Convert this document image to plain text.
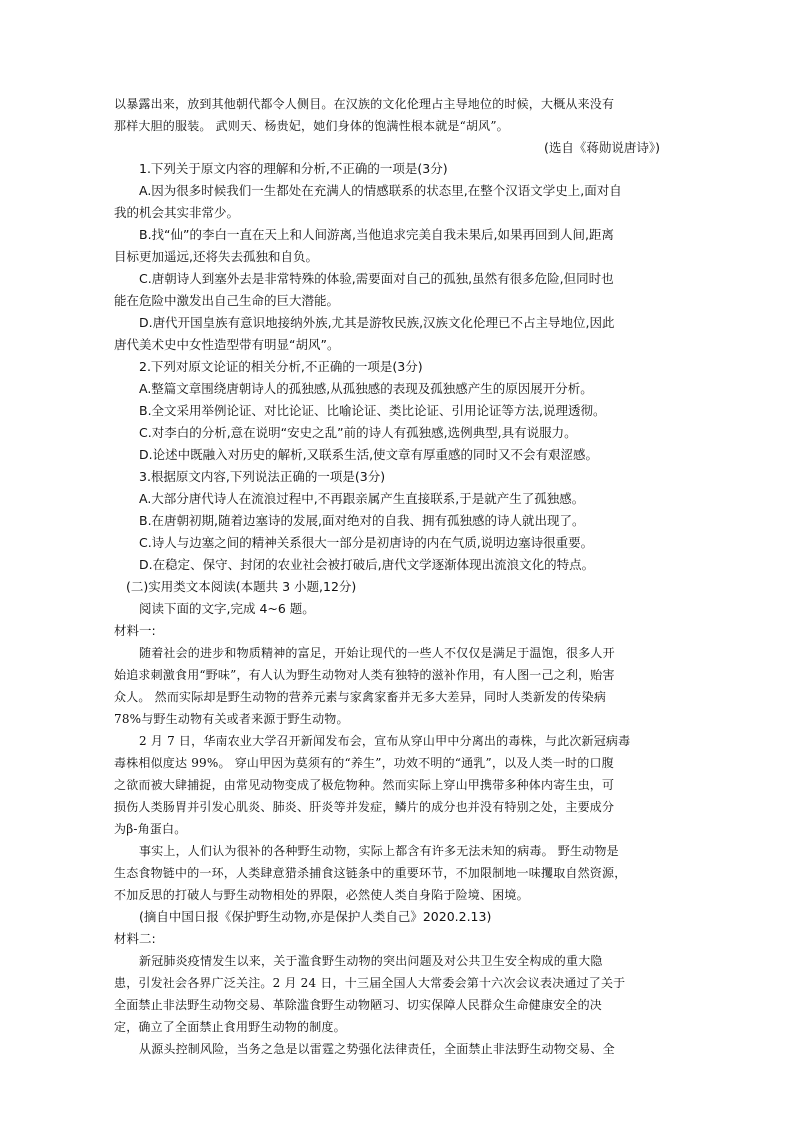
以暴露出来，放到其他朝代都令人侧目。在汉族的文化伦理占主导地位的时候，大概从来没有
那样大胆的服装。 武则天、杨贵妃，她们身体的饱满性根本就是“胡风”。
(选自《蒋勋说唐诗》)
1.下列关于原文内容的理解和分析,不正确的一项是(3分)
A.因为很多时候我们一生都处在充满人的情感联系的状态里,在整个汉语文学史上,面对自
我的机会其实非常少。
B.找“仙”的李白一直在天上和人间游离,当他追求完美自我未果后,如果再回到人间,距离
目标更加遥远,还将失去孤独和自负。
C.唐朝诗人到塞外去是非常特殊的体验,需要面对自己的孤独,虽然有很多危险,但同时也
能在危险中激发出自己生命的巨大潜能。
D.唐代开国皇族有意识地接纳外族,尤其是游牧民族,汉族文化伦理已不占主导地位,因此
唐代美术史中女性造型带有明显“胡风”。
2.下列对原文论证的相关分析,不正确的一项是(3分)
A.整篇文章围绕唐朝诗人的孤独感,从孤独感的表现及孤独感产生的原因展开分析。
B.全文采用举例论证、对比论证、比喻论证、类比论证、引用论证等方法,说理透彻。
C.对李白的分析,意在说明“安史之乱”前的诗人有孤独感,选例典型,具有说服力。
D.论述中既融入对历史的解析,又联系生活,使文章有厚重感的同时又不会有艰涩感。
3.根据原文内容,下列说法正确的一项是(3分)
A.大部分唐代诗人在流浪过程中,不再跟亲属产生直接联系,于是就产生了孤独感。
B.在唐朝初期,随着边塞诗的发展,面对绝对的自我、拥有孤独感的诗人就出现了。
C.诗人与边塞之间的精神关系很大一部分是初唐诗的内在气质,说明边塞诗很重要。
D.在稳定、保守、封闭的农业社会被打破后,唐代文学逐渐体现出流浪文化的特点。
(二)实用类文本阅读(本题共 3 小题,12分)
阅读下面的文字,完成 4~6 题。
材料一:
随着社会的进步和物质精神的富足，开始让现代的一些人不仅仅是满足于温饱，很多人开
始追求刺激食用“野味”，有人认为野生动物对人类有独特的滋补作用，有人图一己之利，贻害
众人。 然而实际却是野生动物的营养元素与家禽家畜并无多大差异，同时人类新发的传染病
78%与野生动物有关或者来源于野生动物。
2 月 7 日，华南农业大学召开新闻发布会，宣布从穿山甲中分离出的毒株，与此次新冠病毒
毒株相似度达 99%。 穿山甲因为莫须有的“养生”，功效不明的“通乳”，以及人类一时的口腹
之欲而被大肆捕捉，由常见动物变成了极危物种。然而实际上穿山甲携带多种体内寄生虫，可
损伤人类肠胃并引发心肌炎、肺炎、肝炎等并发症，鳞片的成分也并没有特别之处，主要成分
为β-角蛋白。
事实上，人们认为很补的各种野生动物，实际上都含有许多无法未知的病毒。 野生动物是
生态食物链中的一环，人类肆意猎杀捕食这链条中的重要环节，不加限制地一味攫取自然资源，
不加反思的打破人与野生动物相处的界限，必然使人类自身陷于险境、困境。
(摘自中国日报《保护野生动物,亦是保护人类自己》2020.2.13)
材料二:
新冠肺炎疫情发生以来，关于滥食野生动物的突出问题及对公共卫生安全构成的重大隐
患，引发社会各界广泛关注。2 月 24 日，十三届全国人大常委会第十六次会议表决通过了关于
全面禁止非法野生动物交易、革除滥食野生动物陋习、切实保障人民群众生命健康安全的决
定，确立了全面禁止食用野生动物的制度。
从源头控制风险，当务之急是以雷霆之势强化法律责任，全面禁止非法野生动物交易、全
